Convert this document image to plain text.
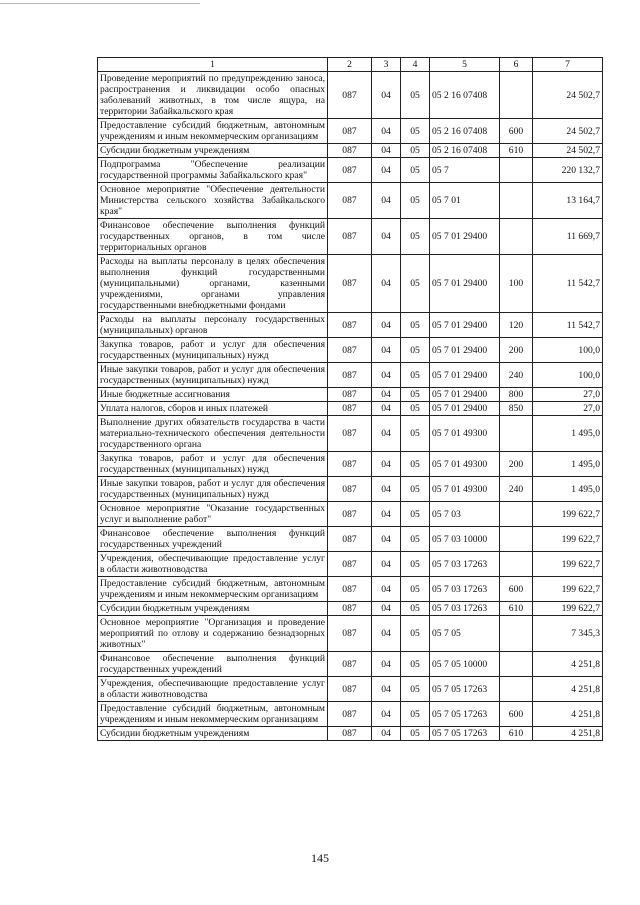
1	2	3	4	5	6	7
Проведение мероприятий по предупреждению заноса, распространения и ликвидации особо опасных заболеваний животных, в том числе ящура, на территории Забайкальского края	087	04	05	05 2 16 07408		24 502,7
Предоставление субсидий бюджетным, автономным учреждениям и иным некоммерческим организациям	087	04	05	05 2 16 07408	600	24 502,7
Субсидии бюджетным учреждениям	087	04	05	05 2 16 07408	610	24 502,7
Подпрограмма "Обеспечение реализации государственной программы Забайкальского края"	087	04	05	05 7		220 132,7
Основное мероприятие "Обеспечение деятельности Министерства сельского хозяйства Забайкальского края"	087	04	05	05 7 01		13 164,7
Финансовое обеспечение выполнения функций государственных органов, в том числе территориальных органов	087	04	05	05 7 01 29400		11 669,7
Расходы на выплаты персоналу в целях обеспечения выполнения функций государственными (муниципальными) органами, казенными учреждениями, органами управления государственными внебюджетными фондами	087	04	05	05 7 01 29400	100	11 542,7
Расходы на выплаты персоналу государственных (муниципальных) органов	087	04	05	05 7 01 29400	120	11 542,7
Закупка товаров, работ и услуг для обеспечения государственных (муниципальных) нужд	087	04	05	05 7 01 29400	200	100,0
Иные закупки товаров, работ и услуг для обеспечения государственных (муниципальных) нужд	087	04	05	05 7 01 29400	240	100,0
Иные бюджетные ассигнования	087	04	05	05 7 01 29400	800	27,0
Уплата налогов, сборов и иных платежей	087	04	05	05 7 01 29400	850	27,0
Выполнение других обязательств государства в части материально-технического обеспечения деятельности государственного органа	087	04	05	05 7 01 49300		1 495,0
Закупка товаров, работ и услуг для обеспечения государственных (муниципальных) нужд	087	04	05	05 7 01 49300	200	1 495,0
Иные закупки товаров, работ и услуг для обеспечения государственных (муниципальных) нужд	087	04	05	05 7 01 49300	240	1 495,0
Основное мероприятие "Оказание государственных услуг и выполнение работ"	087	04	05	05 7 03		199 622,7
Финансовое обеспечение выполнения функций государственных учреждений	087	04	05	05 7 03 10000		199 622,7
Учреждения, обеспечивающие предоставление услуг в области животноводства	087	04	05	05 7 03 17263		199 622,7
Предоставление субсидий бюджетным, автономным учреждениям и иным некоммерческим организациям	087	04	05	05 7 03 17263	600	199 622,7
Субсидии бюджетным учреждениям	087	04	05	05 7 03 17263	610	199 622,7
Основное мероприятие "Организация и проведение мероприятий по отлову и содержанию безнадзорных животных"	087	04	05	05 7 05		7 345,3
Финансовое обеспечение выполнения функций государственных учреждений	087	04	05	05 7 05 10000		4 251,8
Учреждения, обеспечивающие предоставление услуг в области животноводства	087	04	05	05 7 05 17263		4 251,8
Предоставление субсидий бюджетным, автономным учреждениям и иным некоммерческим организациям	087	04	05	05 7 05 17263	600	4 251,8
Субсидии бюджетным учреждениям	087	04	05	05 7 05 17263	610	4 251,8
145
